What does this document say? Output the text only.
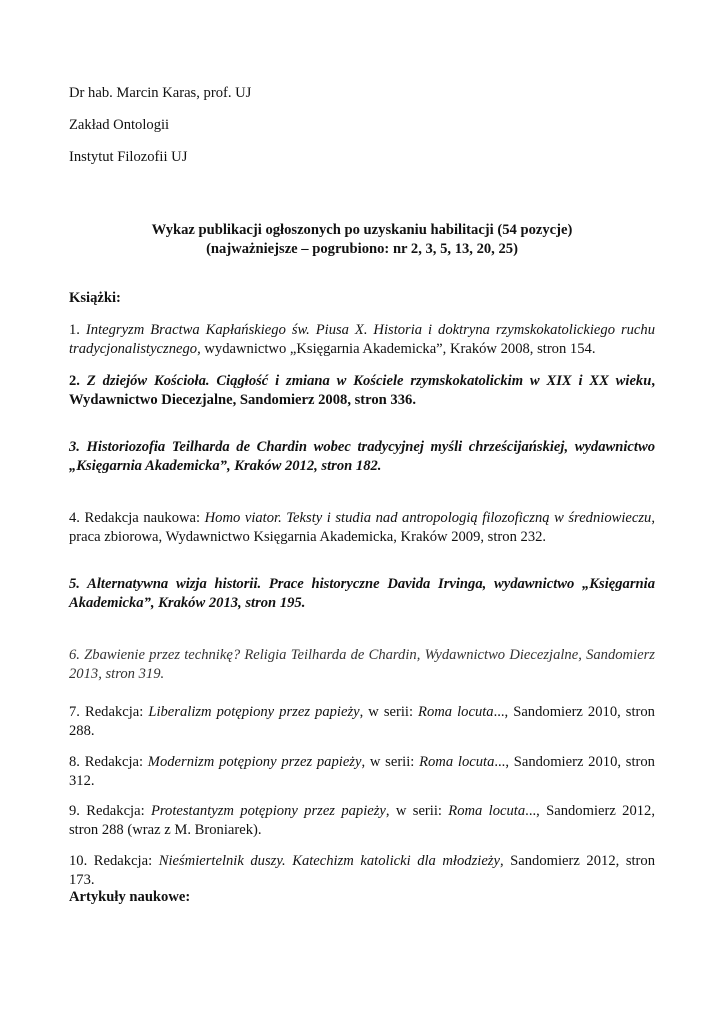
Dr hab. Marcin Karas, prof. UJ
Zakład Ontologii
Instytut Filozofii UJ
Wykaz publikacji ogłoszonych po uzyskaniu habilitacji (54 pozycje)
(najważniejsze – pogrubiono: nr 2, 3, 5, 13, 20, 25)
Książki:
1. Integryzm Bractwa Kapłańskiego św. Piusa X. Historia i doktryna rzymskokatolickiego ruchu tradycjonalistycznego, wydawnictwo „Księgarnia Akademicka”, Kraków 2008, stron 154.
2. Z dziejów Kościoła. Ciągłość i zmiana w Kościele rzymskokatolickim w XIX i XX wieku, Wydawnictwo Diecezjalne, Sandomierz 2008, stron 336.
3. Historiozofia Teilharda de Chardin wobec tradycyjnej myśli chrześcijańskiej, wydawnictwo „Księgarnia Akademicka”, Kraków 2012, stron 182.
4. Redakcja naukowa: Homo viator. Teksty i studia nad antropologią filozoficzną w średniowieczu, praca zbiorowa, Wydawnictwo Księgarnia Akademicka, Kraków 2009, stron 232.
5. Alternatywna wizja historii. Prace historyczne Davida Irvinga, wydawnictwo „Księgarnia Akademicka”, Kraków 2013, stron 195.
6. Zbawienie przez technikę? Religia Teilharda de Chardin, Wydawnictwo Diecezjalne, Sandomierz 2013, stron 319.
7. Redakcja: Liberalizm potępiony przez papieży, w serii: Roma locuta..., Sandomierz 2010, stron 288.
8. Redakcja: Modernizm potępiony przez papieży, w serii: Roma locuta..., Sandomierz 2010, stron 312.
9. Redakcja: Protestantyzm potępiony przez papieży, w serii: Roma locuta..., Sandomierz 2012, stron 288 (wraz z M. Broniarek).
10. Redakcja: Nieśmiertelnik duszy. Katechizm katolicki dla młodzieży, Sandomierz 2012, stron 173.
Artykuły naukowe:
